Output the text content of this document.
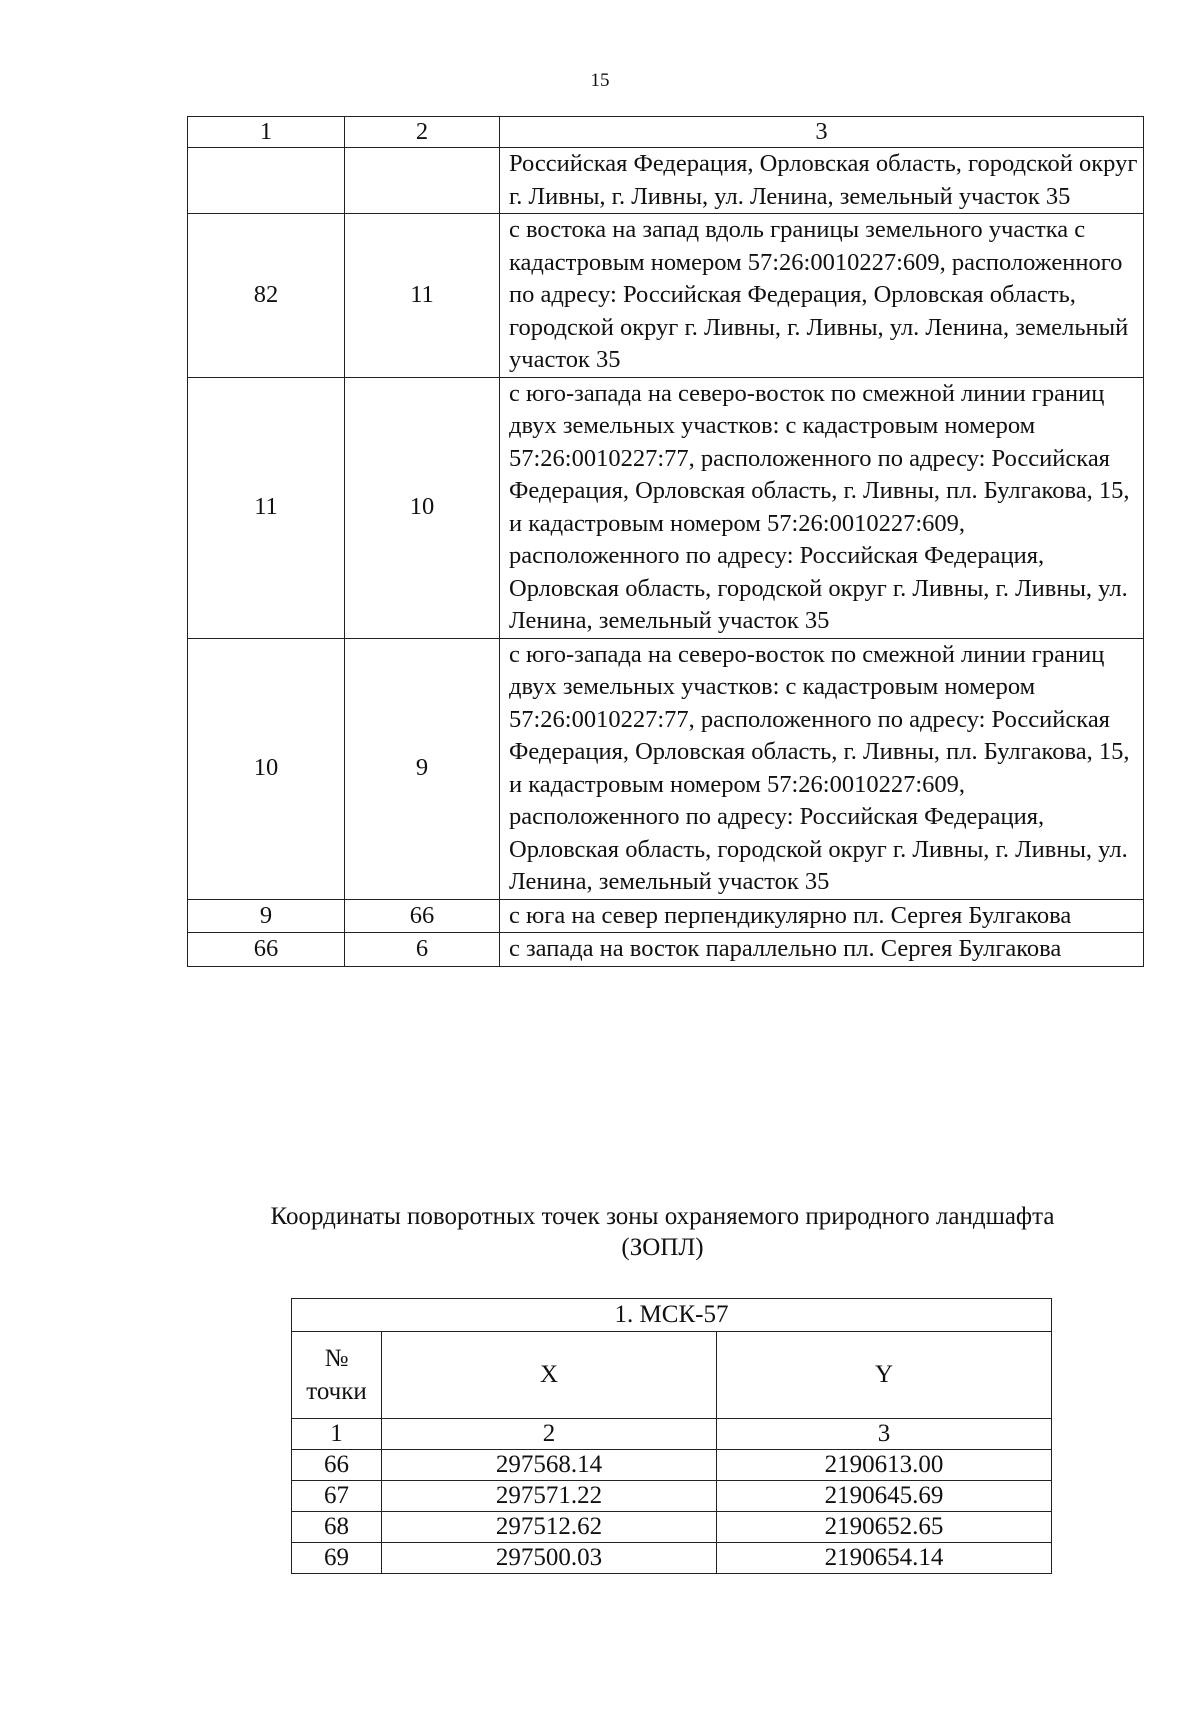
15
1	2	3
		Российская Федерация, Орловская область, городской округ г. Ливны, г. Ливны, ул. Ленина, земельный участок 35
82	11	с востока на запад вдоль границы земельного участка с кадастровым номером 57:26:0010227:609, расположенного по адресу: Российская Федерация, Орловская область, городской округ г. Ливны, г. Ливны, ул. Ленина, земельный участок 35
11	10	с юго-запада на северо-восток по смежной линии границ двух земельных участков: с кадастровым номером 57:26:0010227:77, расположенного по адресу: Российская Федерация, Орловская область, г. Ливны, пл. Булгакова, 15, и кадастровым номером 57:26:0010227:609, расположенного по адресу: Российская Федерация, Орловская область, городской округ г. Ливны, г. Ливны, ул. Ленина, земельный участок 35
10	9	с юго-запада на северо-восток по смежной линии границ двух земельных участков: с кадастровым номером 57:26:0010227:77, расположенного по адресу: Российская Федерация, Орловская область, г. Ливны, пл. Булгакова, 15, и кадастровым номером 57:26:0010227:609, расположенного по адресу: Российская Федерация, Орловская область, городской округ г. Ливны, г. Ливны, ул. Ленина, земельный участок 35
9	66	с юга на север перпендикулярно пл. Сергея Булгакова
66	6	с запада на восток параллельно пл. Сергея Булгакова
Координаты поворотных точек зоны охраняемого природного ландшафта
(ЗОПЛ)
1. МСК-57		

№
точки	X	Y
1	2	3
66	297568.14	2190613.00
67	297571.22	2190645.69
68	297512.62	2190652.65
69	297500.03	2190654.14
